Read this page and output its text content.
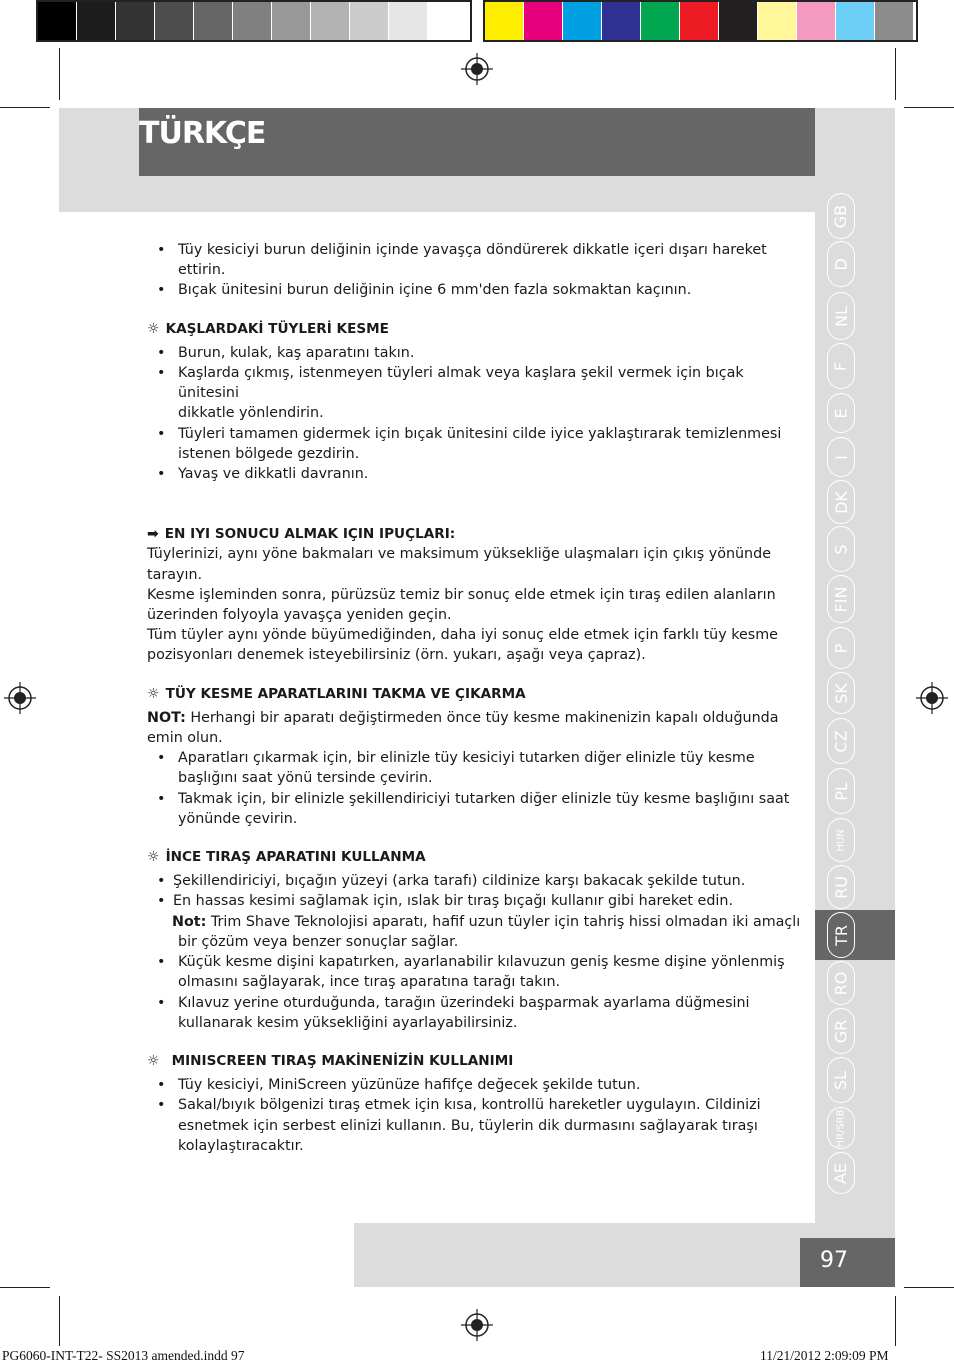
TÜRKÇE
GB
D
NL
F
E
I
DK
S
FIN
P
SK
CZ
PL
HUN
RU
TR
RO
GR
SL
HR/SRB
AE
• Tüy kesiciyi burun deliğinin içinde yavaşça döndürerek dikkatle içeri dışarı hareket
ettirin.
• Bıçak ünitesini burun deliğinin içine 6 mm'den fazla sokmaktan kaçının.
☼ KAŞLARDAKİ TÜYLERİ KESME
• Burun, kulak, kaş aparatını takın.
• Kaşlarda çıkmış, istenmeyen tüyleri almak veya kaşlara şekil vermek için bıçak ünitesini
dikkatle yönlendirin.
• Tüyleri tamamen gidermek için bıçak ünitesini cilde iyice yaklaştırarak temizlenmesi
istenen bölgede gezdirin.
• Yavaş ve dikkatli davranın.
➡ EN IYI SONUCU ALMAK IÇIN IPUÇLARI:

Tüylerinizi, aynı yöne bakmaları ve maksimum yüksekliğe ulaşmaları için çıkış yönünde

tarayın.

Kesme işleminden sonra, pürüzsüz temiz bir sonuç elde etmek için tıraş edilen alanların

üzerinden folyoyla yavaşça yeniden geçin.

Tüm tüyler aynı yönde büyümediğinden, daha iyi sonuç elde etmek için farklı tüy kesme

pozisyonları denemek isteyebilirsiniz (örn. yukarı, aşağı veya çapraz).

☼ TÜY KESME APARATLARINI TAKMA VE ÇIKARMA

NOT: Herhangi bir aparatı değiştirmeden önce tüy kesme makinenizin kapalı olduğunda

emin olun.

• Aparatları çıkarmak için, bir elinizle tüy kesiciyi tutarken diğer elinizle tüy kesme
başlığını saat yönü tersinde çevirin.
• Takmak için, bir elinizle şekillendiriciyi tutarken diğer elinizle tüy kesme başlığını saat
yönünde çevirin.
☼ İNCE TIRAŞ APARATINI KULLANMA
• Şekillendiriciyi, bıçağın yüzeyi (arka tarafı) cildinize karşı bakacak şekilde tutun.
• En hassas kesimi sağlamak için, ıslak bir tıraş bıçağı kullanır gibi hareket edin.

Not: Trim Shave Teknolojisi aparatı, hafif uzun tüyler için tahriş hissi olmadan iki amaçlı

bir çözüm veya benzer sonuçlar sağlar.

• Küçük kesme dişini kapatırken, ayarlanabilir kılavuzun geniş kesme dişine yönlenmiş
olmasını sağlayarak, ince tıraş aparatına tarağı takın.
• Kılavuz yerine oturduğunda, tarağın üzerindeki başparmak ayarlama düğmesini
kullanarak kesim yüksekliğini ayarlayabilirsiniz.
☼ MINISCREEN TIRAŞ MAKİNENİZİN KULLANIMI
• Tüy kesiciyi, MiniScreen yüzünüze hafifçe değecek şekilde tutun.
• Sakal/bıyık bölgenizi tıraş etmek için kısa, kontrollü hareketler uygulayın. Cildinizi
esnetmek için serbest elinizi kullanın. Bu, tüylerin dik durmasını sağlayarak tıraşı
kolaylaştıracaktır.
97
PG6060-INT-T22- SS2013 amended.indd 97	11/21/2012 2:09:09 PM
